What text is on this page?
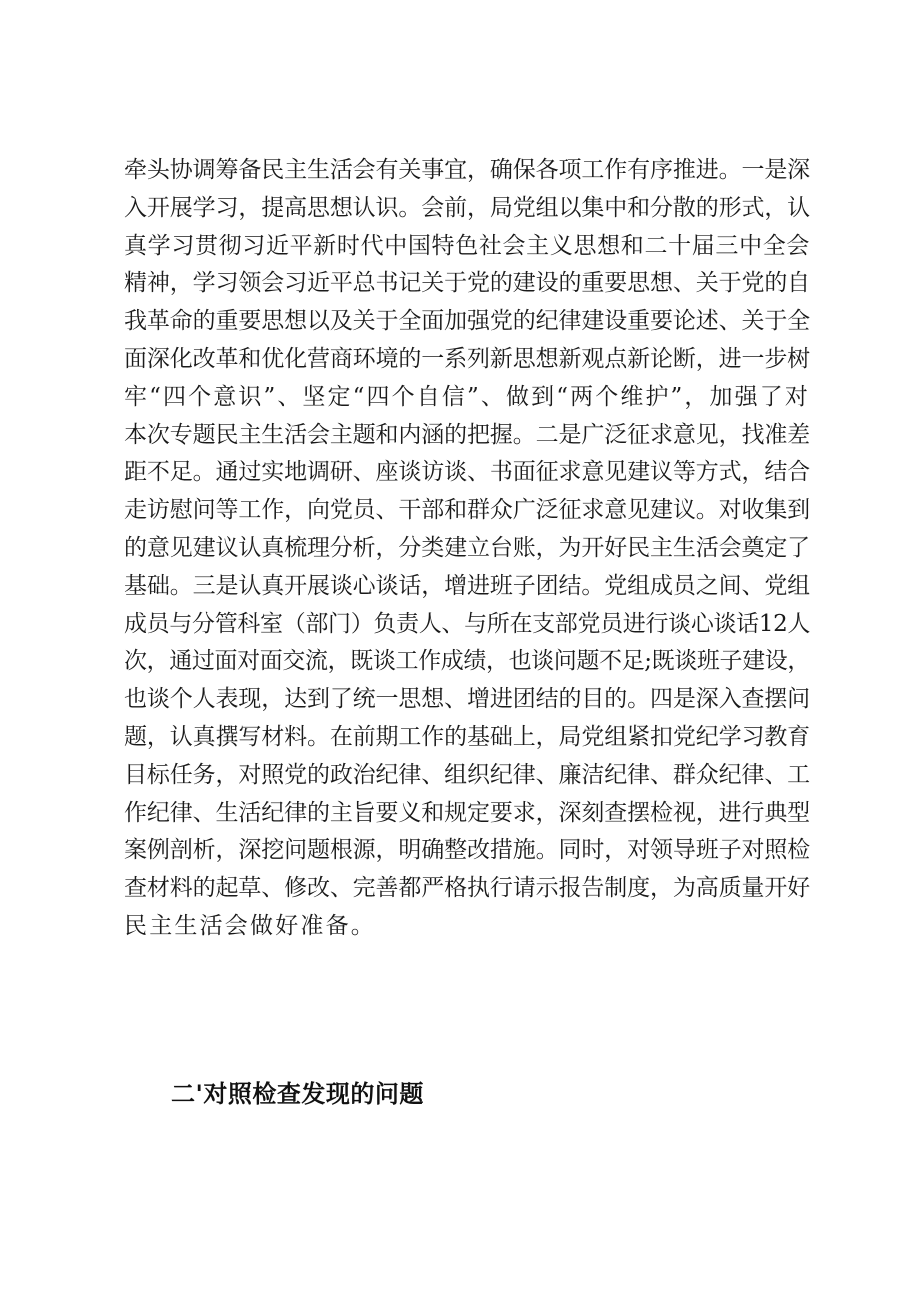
牵头协调筹备民主生活会有关事宜，确保各项工作有序推进。一是深
入开展学习，提高思想认识。会前，局党组以集中和分散的形式，认
真学习贯彻习近平新时代中国特色社会主义思想和二十届三中全会
精神，学习领会习近平总书记关于党的建设的重要思想、关于党的自
我革命的重要思想以及关于全面加强党的纪律建设重要论述、关于全
面深化改革和优化营商环境的一系列新思想新观点新论断，进一步树
牢“四个意识”、坚定“四个自信”、做到“两个维护”，加强了对
本次专题民主生活会主题和内涵的把握。二是广泛征求意见，找准差
距不足。通过实地调研、座谈访谈、书面征求意见建议等方式，结合
走访慰问等工作，向党员、干部和群众广泛征求意见建议。对收集到
的意见建议认真梳理分析，分类建立台账，为开好民主生活会奠定了
基础。三是认真开展谈心谈话，增进班子团结。党组成员之间、党组
成员与分管科室（部门）负责人、与所在支部党员进行谈心谈话12人
次，通过面对面交流，既谈工作成绩，也谈问题不足;既谈班子建设，
也谈个人表现，达到了统一思想、增进团结的目的。四是深入查摆问
题，认真撰写材料。在前期工作的基础上，局党组紧扣党纪学习教育
目标任务，对照党的政治纪律、组织纪律、廉洁纪律、群众纪律、工
作纪律、生活纪律的主旨要义和规定要求，深刻查摆检视，进行典型
案例剖析，深挖问题根源，明确整改措施。同时，对领导班子对照检
查材料的起草、修改、完善都严格执行请示报告制度，为高质量开好
民主生活会做好准备。
二'对照检查发现的问题
